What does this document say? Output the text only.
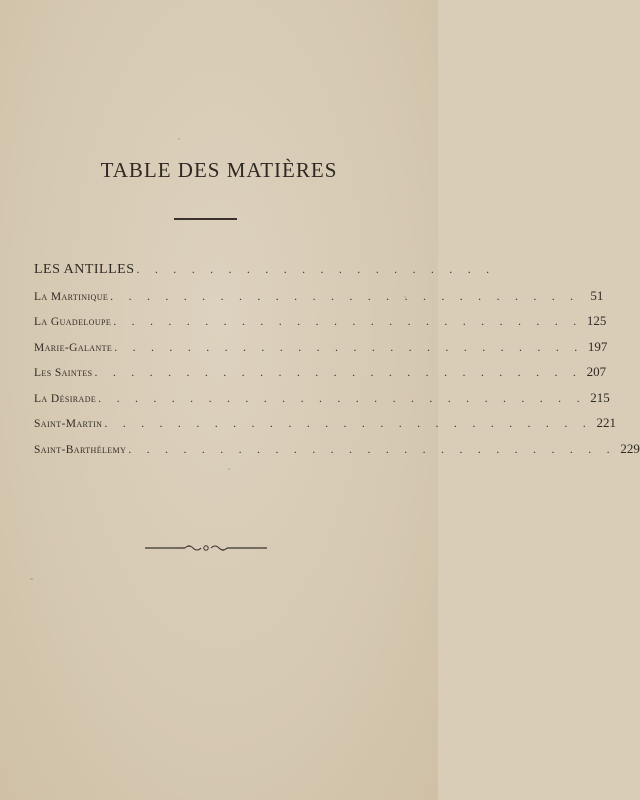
TABLE DES MATIÈRES
LES ANTILLES . . . . . . . . . . . . . . . . . . . .
La Martinique . . . . . . . . . . . . . . . . . . . . . . . . . . 51
La Guadeloupe . . . . . . . . . . . . . . . . . . . . . . . . . . 125
Marie-Galante . . . . . . . . . . . . . . . . . . . . . . . . . . 197
Les Saintes . . . . . . . . . . . . . . . . . . . . . . . . . . . 207
La Désirade . . . . . . . . . . . . . . . . . . . . . . . . . . . 215
Saint-Martin . . . . . . . . . . . . . . . . . . . . . . . . . . . 221
Saint-Barthélemy . . . . . . . . . . . . . . . . . . . . . . . . . . . 229
